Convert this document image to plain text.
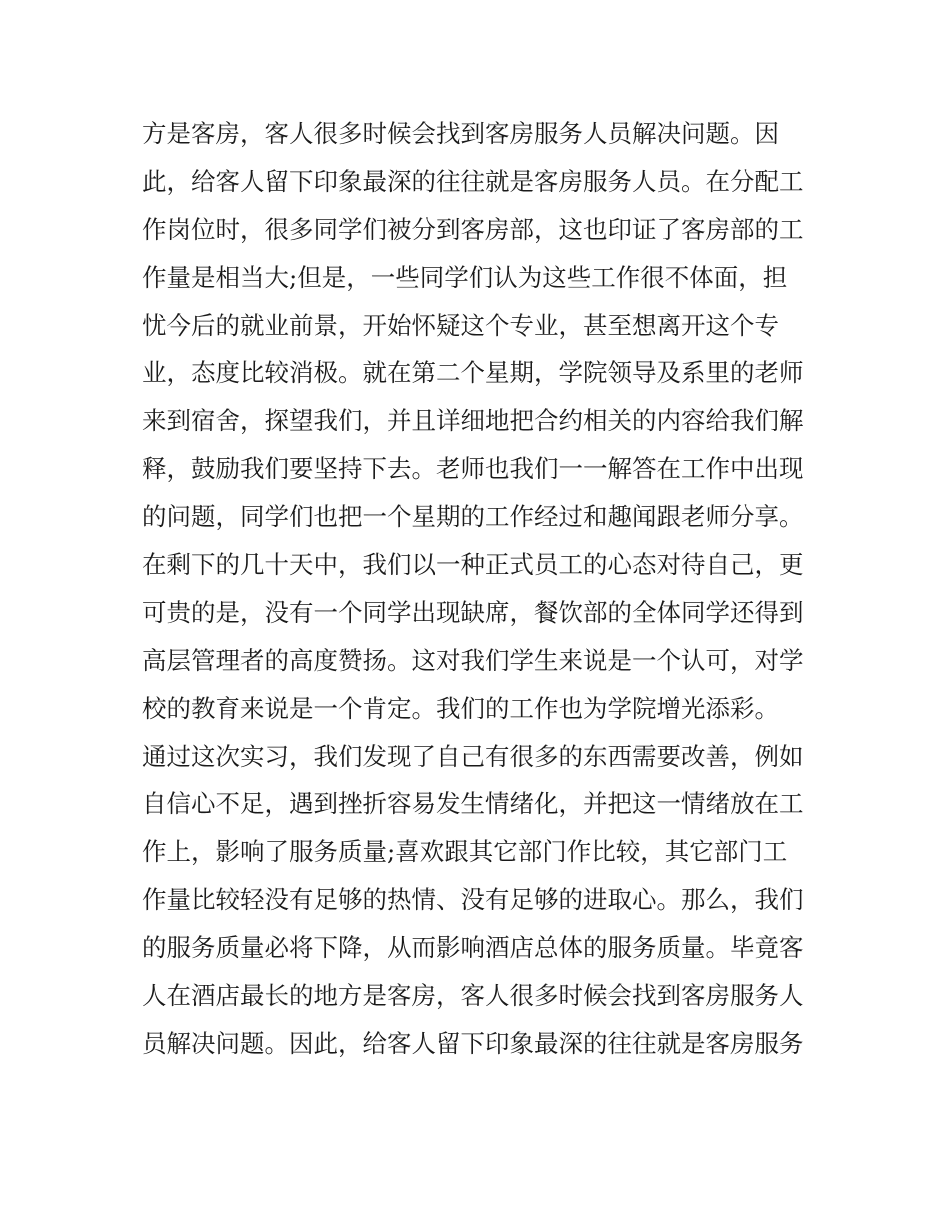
方是客房，客人很多时候会找到客房服务人员解决问题。因
此，给客人留下印象最深的往往就是客房服务人员。在分配工
作岗位时，很多同学们被分到客房部，这也印证了客房部的工
作量是相当大;但是，一些同学们认为这些工作很不体面，担
忧今后的就业前景，开始怀疑这个专业，甚至想离开这个专
业，态度比较消极。就在第二个星期，学院领导及系里的老师
来到宿舍，探望我们，并且详细地把合约相关的内容给我们解
释，鼓励我们要坚持下去。老师也我们一一解答在工作中出现
的问题，同学们也把一个星期的工作经过和趣闻跟老师分享。
在剩下的几十天中，我们以一种正式员工的心态对待自己，更
可贵的是，没有一个同学出现缺席，餐饮部的全体同学还得到
高层管理者的高度赞扬。这对我们学生来说是一个认可，对学
校的教育来说是一个肯定。我们的工作也为学院增光添彩。
通过这次实习，我们发现了自己有很多的东西需要改善，例如
自信心不足，遇到挫折容易发生情绪化，并把这一情绪放在工
作上，影响了服务质量;喜欢跟其它部门作比较，其它部门工
作量比较轻没有足够的热情、没有足够的进取心。那么，我们
的服务质量必将下降，从而影响酒店总体的服务质量。毕竟客
人在酒店最长的地方是客房，客人很多时候会找到客房服务人
员解决问题。因此，给客人留下印象最深的往往就是客房服务
